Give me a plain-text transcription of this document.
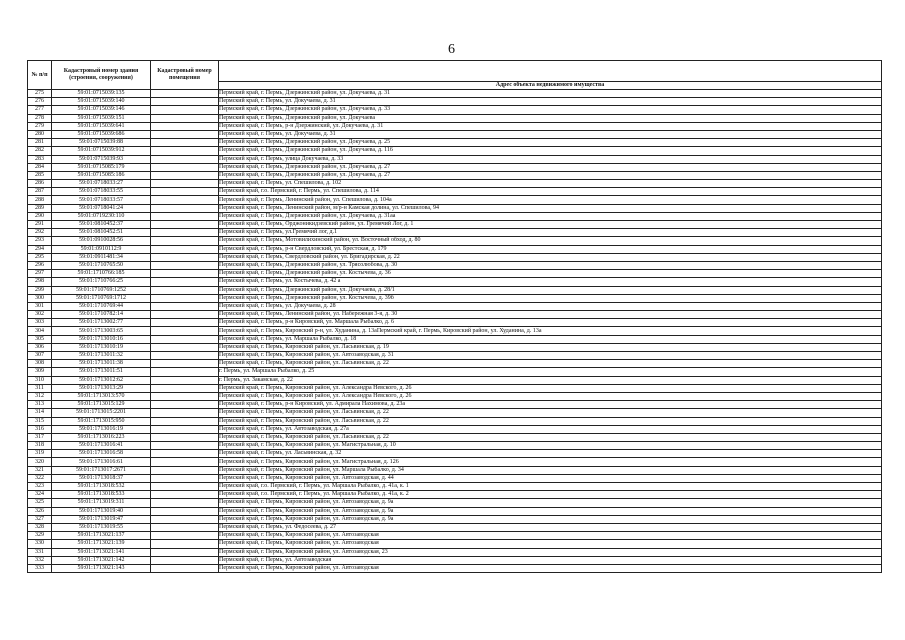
6
№ п/п	Кадастровый номер здания (строения, сооружения)	Кадастровый номер помещения	
			Адрес объекта недвижимого имущества
275	59:01:0715039:135		Пермский край, г. Пермь, Дзержинский район, ул. Докучаева, д. 31
276	59:01:0715039:140		Пермский край, г. Пермь, ул. Докучаева, д. 31
277	59:01:0715039:146		Пермский край, г. Пермь, Дзержинский район, ул. Докучаева, д. 33
278	59:01:0715039:151		Пермский край, г. Пермь, Дзержинский район, ул. Докучаева
279	59:01:0715039:641		Пермский край, г. Пермь, р-н Дзержинский, ул. Докучаева, д. 31
280	59:01:0715039:686		Пермский край, г. Пермь, ул. Докучаева, д. 31
281	59:01:0715039:88		Пермский край, г. Пермь, Дзержинский район, ул. Докучаева, д. 25
282	59:01:0715039:912		Пермский край, г. Пермь, Дзержинский район, ул. Докучаева, д. 116
283	59:01:0715039:93		Пермский край, г. Пермь, улица Докучаева, д. 33
284	59:01:0715085:179		Пермский край, г. Пермь, Дзержинский район, ул. Докучаева, д. 27
285	59:01:0715085:186		Пермский край, г. Пермь, Дзержинский район, ул. Докучаева, д. 27
286	59:01:0718033:27		Пермский край, г. Пермь, ул. Спешилова, д. 102
287	59:01:0718033:55		Пермский край, г.о. Пермский, г. Пермь, ул. Спешилова, д. 114
288	59:01:0718033:57		Пермский край, г. Пермь, Ленинский район, ул. Спешилова, д. 104а
289	59:01:0718041:24		Пермский край, г. Пермь, Ленинский район, м/р-н Камская долина, ул. Спешилова, 94
290	59:01:0719230:110		Пермский край, г. Пермь, Дзержинский район, ул. Докучаева, д. 31аа
291	59:01:0810452:37		Пермский край, г. Пермь, Орджоникидзевский район, ул. Гремячий Лог, д. 1
292	59:01:0810452:51		Пермский край, г. Пермь, ул.Гремячий лог, д.1
293	59:01:0910028:56		Пермский край, г. Пермь, Мотовилихинский район, ул. Восточный обход, д. 80
294	59:01:0910112:9		Пермский край, г. Пермь, р-н Свердловский, ул. Брестская, д. 179
295	59:01:0911481:34		Пермский край, г. Пермь, Свердловский район, ул. Бригадирская, д. 22
296	59:01:1710765:50		Пермский край, г. Пермь, Дзержинский район, ул. Трясолюбова, д. 30
297	59:01:1710766:185		Пермский край, г. Пермь, Дзержинский район, ул. Костычева, д. 36
298	59:01:1710766:25		Пермский край, г. Пермь, ул. Костычева, д. 42 а
299	59:01:1710769:1252		Пермский край, г. Пермь, Дзержинский район, ул. Докучаева, д. 28/1
300	59:01:1710769:1712		Пермский край, г. Пермь, Дзержинский район, ул. Костычева, д. 39б
301	59:01:1710769:44		Пермский край, г. Пермь, ул. Докучаева, д. 28
302	59:01:1710782:14		Пермский край, г. Пермь, Ленинский район, ул. Набережная 3-я, д. 30
303	59:01:1713002:77		Пермский край, г. Пермь, р-н Кировский, ул. Маршала Рыбалко, д. 6
304	59:01:1713003:65		Пермский край, г. Пермь, Кировский р-н, ул. Худанина, д. 13аПермский край, г. Пермь, Кировский район, ул. Худанина, д. 13а
305	59:01:1713010:16		Пермский край, г. Пермь, ул. Маршала Рыбалко, д. 18
306	59:01:1713010:19		Пермский край, г. Пермь, Кировский район, ул. Ласьвинская, д. 19
307	59:01:1713011:32		Пермский край, г. Пермь, Кировский район, ул. Автозаводская, д. 31
308	59:01:1713011:38		Пермский край, г. Пермь, Кировский район, ул. Ласьвинская, д. 22
309	59:01:1713011:51		г. Пермь, ул. Маршала Рыбалко, д. 25
310	59:01:1713012:62		г. Пермь, ул. Закамская, д. 22
311	59:01:1713013:29		Пермский край, г. Пермь, Кировский район, ул. Александра Невского, д. 26
312	59:01:1713013:570		Пермский край, г. Пермь, Кировский район, ул. Александра Невского, д. 26
313	59:01:1713015:129		Пермский край, г. Пермь, р-н Кировский, ул. Адмирала Нахимова, д. 23а
314	59:01:1713015:2201		Пермский край, г. Пермь, Кировский район, ул. Ласьвинская, д. 22
315	59:01:1713015:950		Пермский край, г. Пермь, Кировский район, ул. Ласьвинская, д. 22
316	59:01:1713016:19		Пермский край, г. Пермь, ул. Автозаводская, д. 27а
317	59:01:1713016:223		Пермский край, г. Пермь, Кировский район, ул. Ласьвинская, д. 22
318	59:01:1713016:41		Пермский край, г. Пермь, Кировский район, ул. Магистральная, д. 10
319	59:01:1713016:58		Пермский край, г. Пермь, ул. Ласьвинская, д. 32
320	59:01:1713016:61		Пермский край, г. Пермь, Кировский район, ул. Магистральная, д. 126
321	59:01:1713017:2671		Пермский край, г. Пермь, Кировский район, ул. Маршала Рыбалко, д. 34
322	59:01:1713018:37		Пермский край, г. Пермь, Кировский район, ул. Автозаводская, д. 44
323	59:01:1713018:532		Пермский край, г.о. Пермский, г. Пермь, ул. Маршала Рыбалко, д. 41а, к. 1
324	59:01:1713018:533		Пермский край, г.о. Пермский, г. Пермь, ул. Маршала Рыбалко, д. 41а, к. 2
325	59:01:1713019:311		Пермский край, г. Пермь, Кировский район, ул. Автозаводская, д. 9а
326	59:01:1713019:40		Пермский край, г. Пермь, Кировский район, ул. Автозаводская, д. 9а
327	59:01:1713019:47		Пермский край, г. Пермь, Кировский район, ул. Автозаводская, д. 9а
328	59:01:1713019:55		Пермский край, г. Пермь, ул. Федосеева, д. 27
329	59:01:1713021:137		Пермский край, г. Пермь, Кировский район, ул. Автозаводская
330	59:01:1713021:139		Пермский край, г. Пермь, Кировский район, ул. Автозаводская
331	59:01:1713021:141		Пермский край, г. Пермь, Кировский район, ул. Автозаводская, 23
332	59:01:1713021:142		Пермский край, г. Пермь, ул. Автозаводская
333	59:01:1713021:143		Пермский край, г. Пермь, Кировский район, ул. Автозаводская
